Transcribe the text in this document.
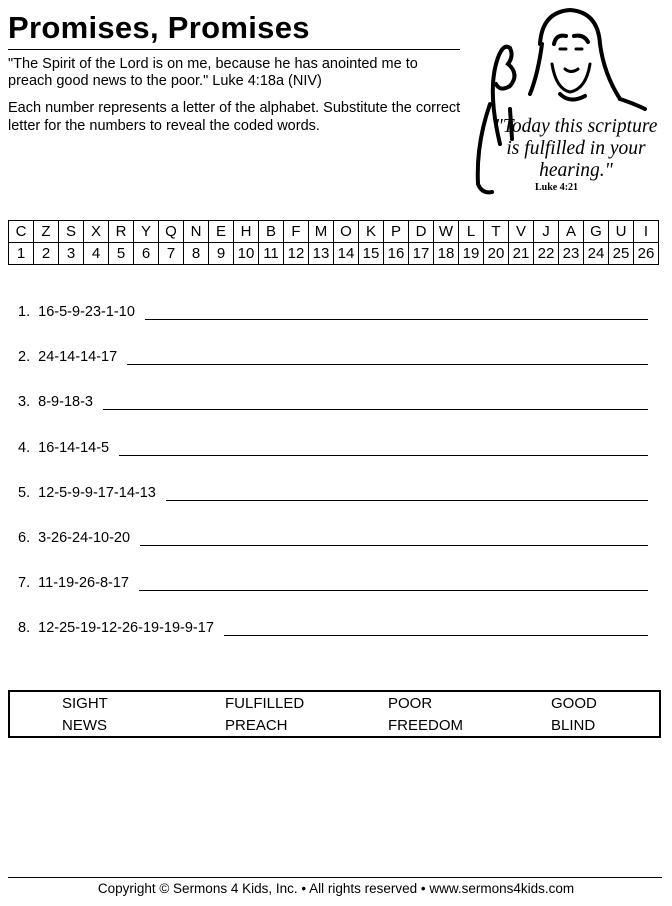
Promises, Promises
"The Spirit of the Lord is on me, because he has anointed me to preach good news to the poor." Luke 4:18a (NIV)
Each number represents a letter of the alphabet. Substitute the correct letter for the numbers to reveal the coded words.	"Today this scripture is fulfilled in your hearing."
Luke 4:21
C	Z	S	X	R	Y	Q	N	E	H	B	F	M	O	K	P	D	W	L	T	V	J	A	G	U	I
1	2	3	4	5	6	7	8	9	10	11	12	13	14	15	16	17	18	19	20	21	22	23	24	25	26
1.
16-5-9-23-1-10
2.
24-14-14-17
3.
8-9-18-3
4.
16-14-14-5
5.
12-5-9-9-17-14-13
6.
3-26-24-10-20
7.
11-19-26-8-17
8.
12-25-19-12-26-19-19-9-17
SIGHT	FULFILLED	POOR	GOOD
NEWS	PREACH	FREEDOM	BLIND
Copyright © Sermons 4 Kids, Inc. • All rights reserved • www.sermons4kids.com
